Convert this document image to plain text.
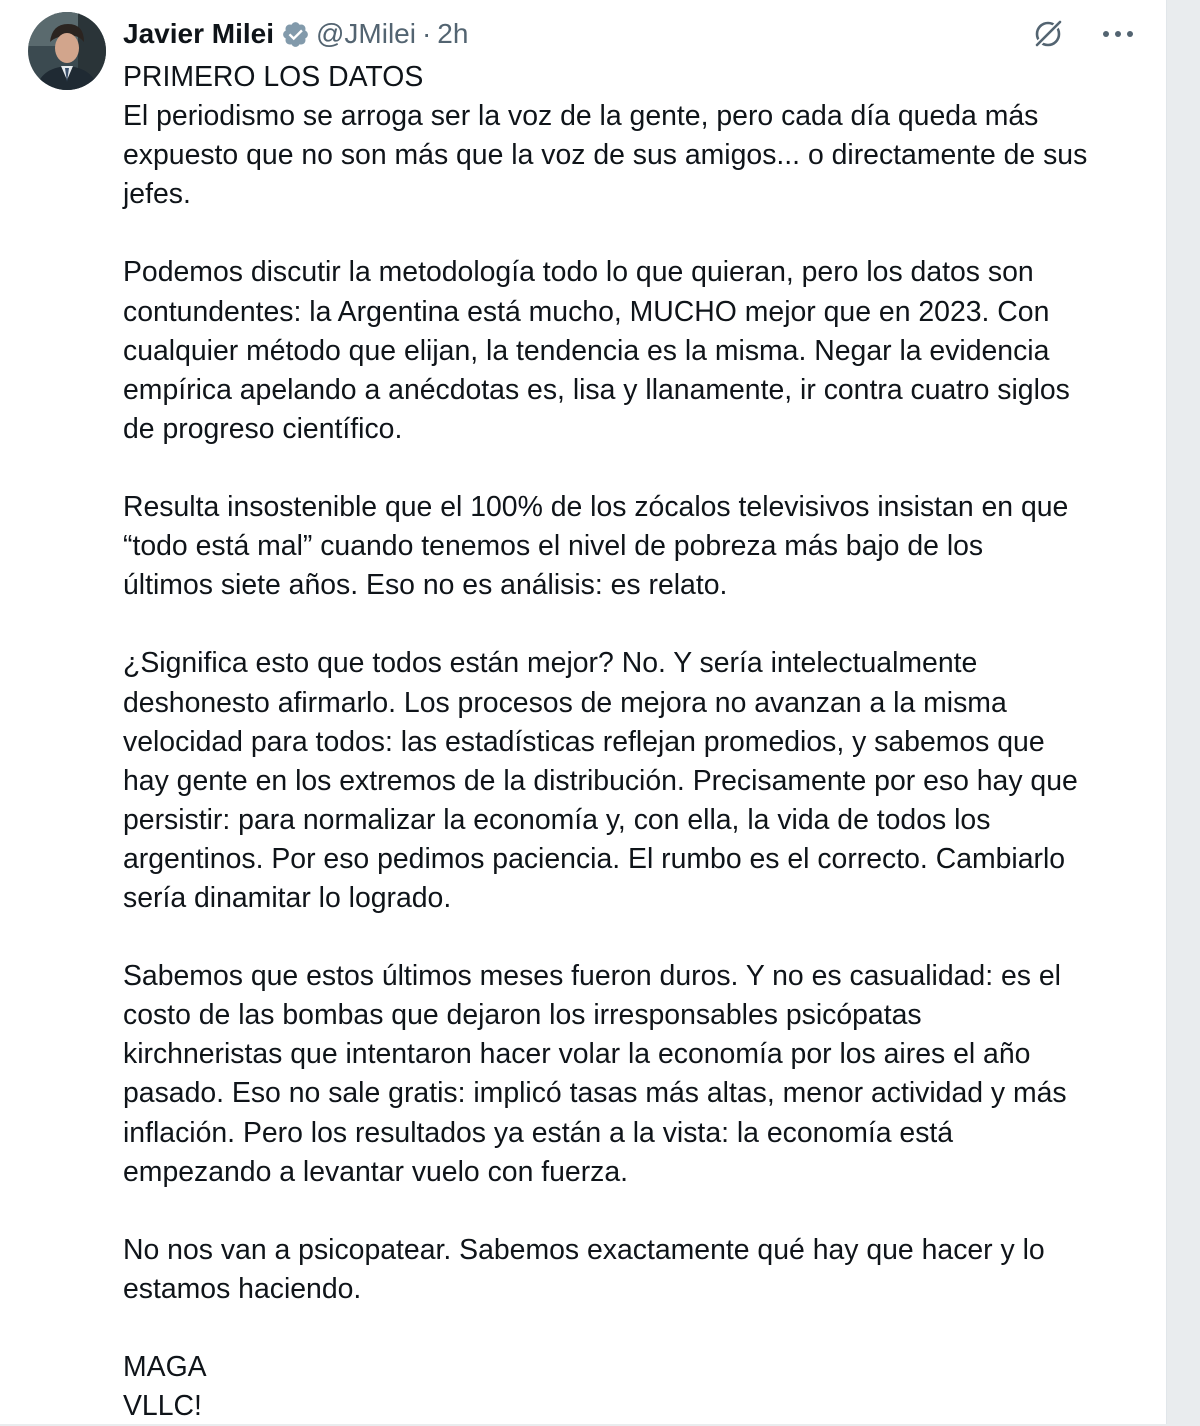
Javier Milei @JMilei · 2h

PRIMERO LOS DATOS
El periodismo se arroga ser la voz de la gente, pero cada día queda más
expuesto que no son más que la voz de sus amigos... o directamente de sus
jefes.

Podemos discutir la metodología todo lo que quieran, pero los datos son
contundentes: la Argentina está mucho, MUCHO mejor que en 2023. Con
cualquier método que elijan, la tendencia es la misma. Negar la evidencia
empírica apelando a anécdotas es, lisa y llanamente, ir contra cuatro siglos
de progreso científico.

Resulta insostenible que el 100% de los zócalos televisivos insistan en que
“todo está mal” cuando tenemos el nivel de pobreza más bajo de los
últimos siete años. Eso no es análisis: es relato.

¿Significa esto que todos están mejor? No. Y sería intelectualmente
deshonesto afirmarlo. Los procesos de mejora no avanzan a la misma
velocidad para todos: las estadísticas reflejan promedios, y sabemos que
hay gente en los extremos de la distribución. Precisamente por eso hay que
persistir: para normalizar la economía y, con ella, la vida de todos los
argentinos. Por eso pedimos paciencia. El rumbo es el correcto. Cambiarlo
sería dinamitar lo logrado.

Sabemos que estos últimos meses fueron duros. Y no es casualidad: es el
costo de las bombas que dejaron los irresponsables psicópatas
kirchneristas que intentaron hacer volar la economía por los aires el año
pasado. Eso no sale gratis: implicó tasas más altas, menor actividad y más
inflación. Pero los resultados ya están a la vista: la economía está
empezando a levantar vuelo con fuerza.

No nos van a psicopatear. Sabemos exactamente qué hay que hacer y lo
estamos haciendo.

MAGA
VLLC!
